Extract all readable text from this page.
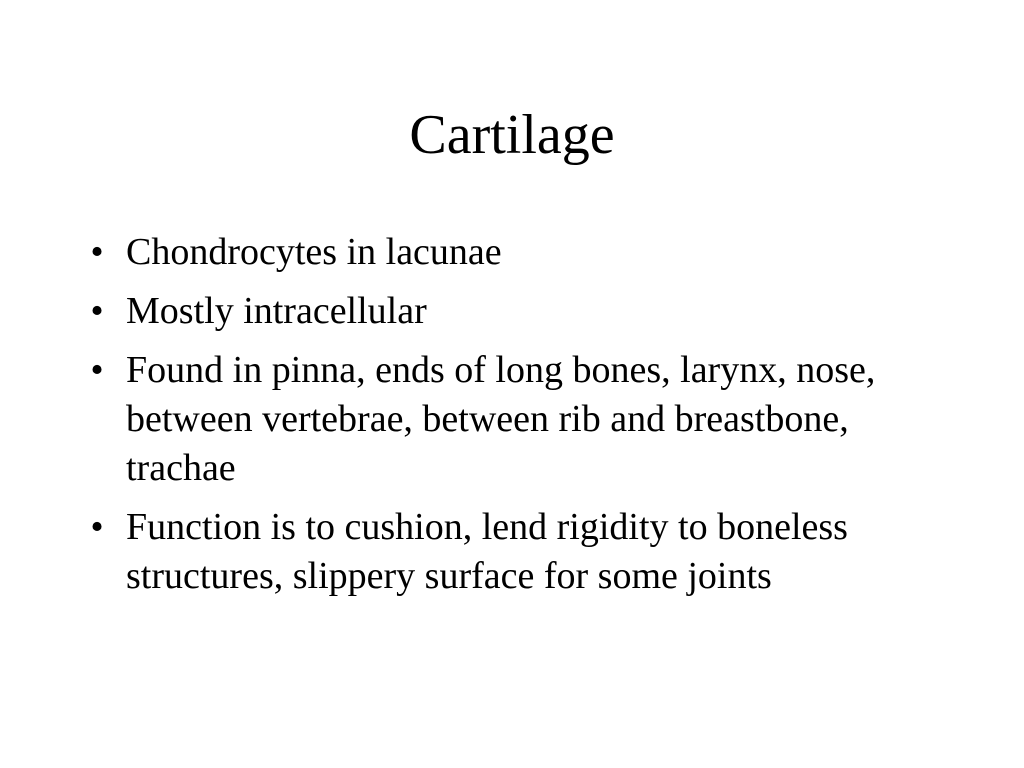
Cartilage
• Chondrocytes in lacunae
• Mostly intracellular
• Found in pinna, ends of long bones, larynx, nose, between vertebrae, between rib and breastbone, trachae
• Function is to cushion, lend rigidity to boneless structures, slippery surface for some joints
